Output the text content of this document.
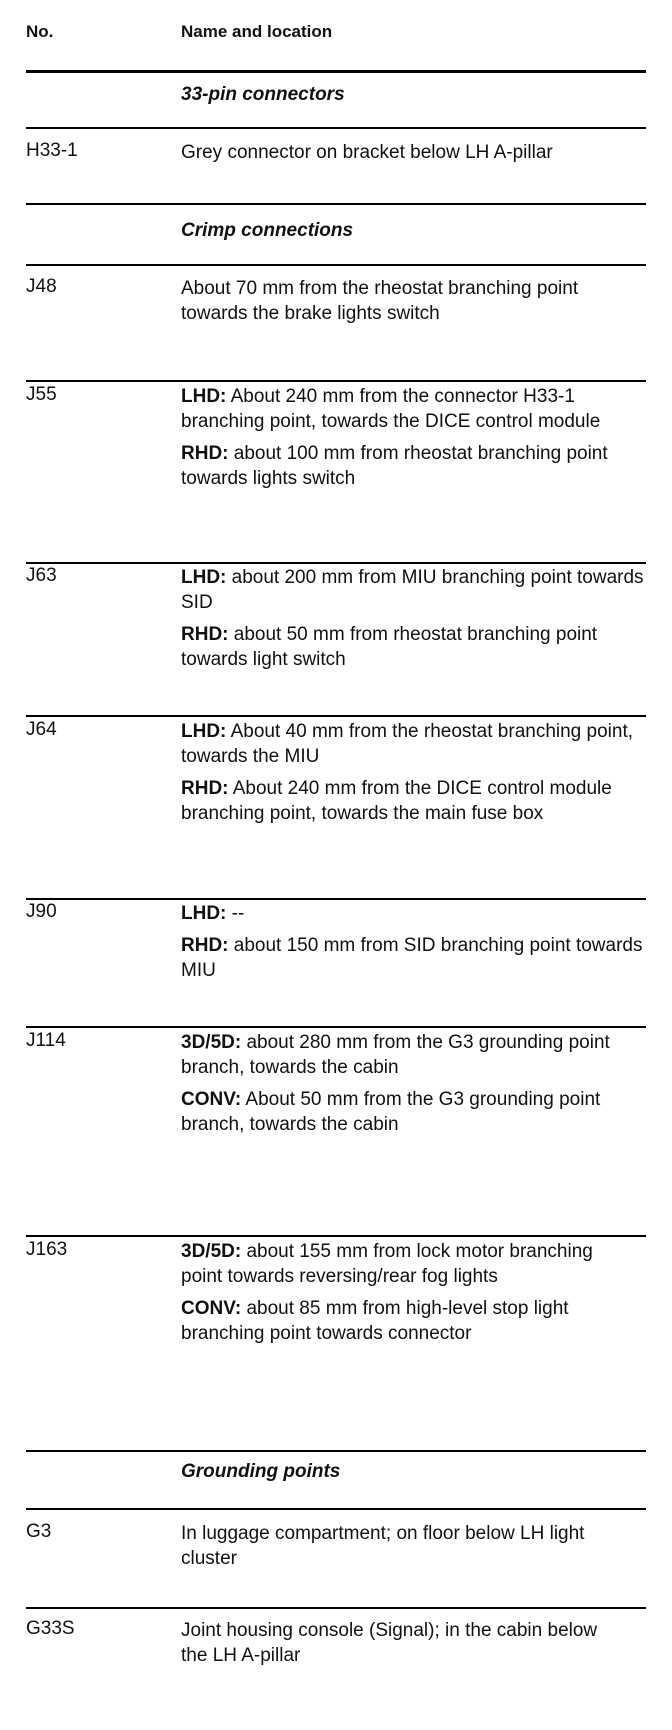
No.	Name and location
33-pin connectors
H33-1	Grey connector on bracket below LH A-pillar
Crimp connections
J48	About 70 mm from the rheostat branching point towards the brake lights switch
J55	LHD: About 240 mm from the connector H33-1 branching point, towards the DICE control module

RHD: about 100 mm from rheostat branching point towards lights switch

J63	LHD: about 200 mm from MIU branching point towards SID

RHD: about 50 mm from rheostat branching point towards light switch

J64	LHD: About 40 mm from the rheostat branching point, towards the MIU

RHD: About 240 mm from the DICE control module branching point, towards the main fuse box

J90	LHD: --

RHD: about 150 mm from SID branching point towards MIU

J114	3D/5D: about 280 mm from the G3 grounding point branch, towards the cabin

CONV: About 50 mm from the G3 grounding point branch, towards the cabin

J163	3D/5D: about 155 mm from lock motor branching point towards reversing/rear fog lights

CONV: about 85 mm from high-level stop light branching point towards connector

Grounding points
G3	In luggage compartment; on floor below LH light cluster
G33S	Joint housing console (Signal); in the cabin below the LH A-pillar
